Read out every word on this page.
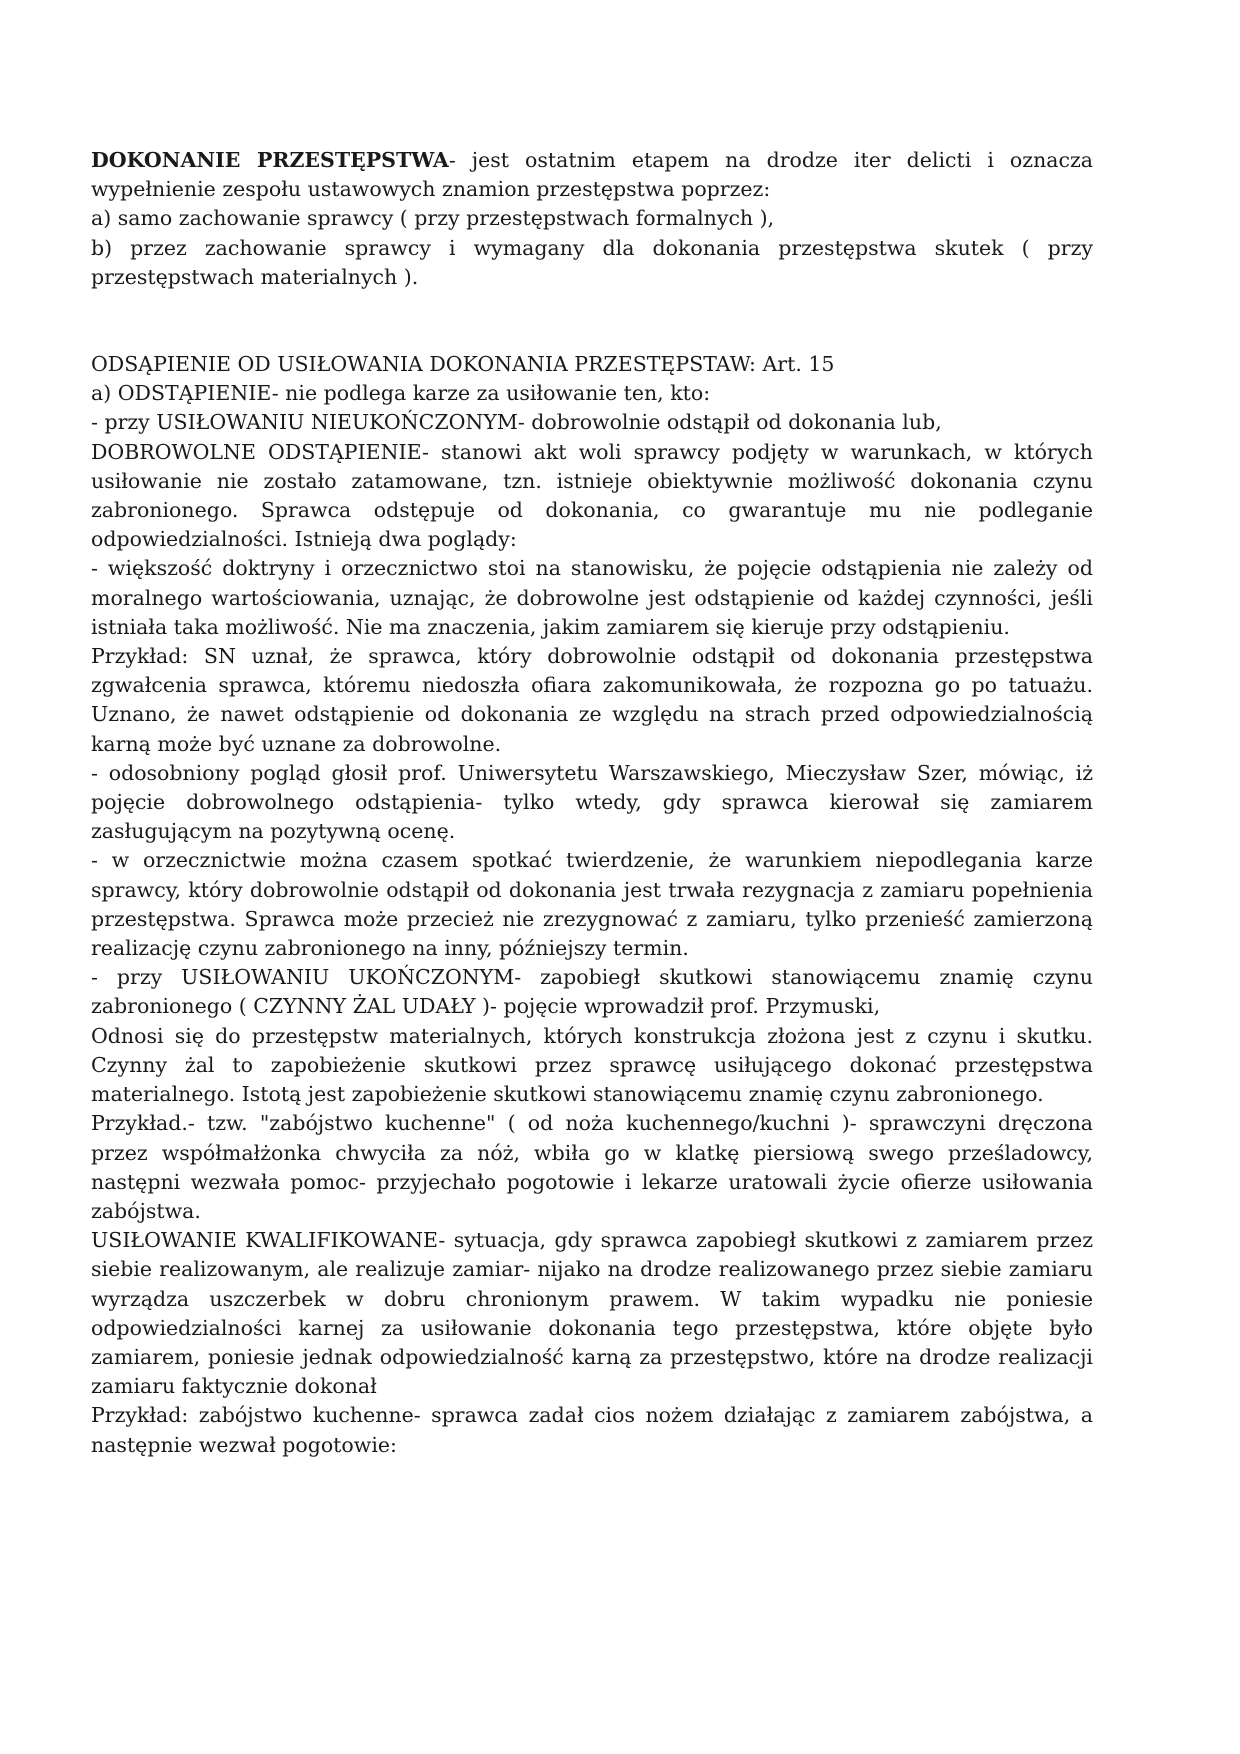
DOKONANIE PRZESTĘPSTWA- jest ostatnim etapem na drodze iter delicti i oznacza wypełnienie zespołu ustawowych znamion przestępstwa poprzez:

a) samo zachowanie sprawcy ( przy przestępstwach formalnych ),

b) przez zachowanie sprawcy i wymagany dla dokonania przestępstwa skutek ( przy przestępstwach materialnych ).

ODSĄPIENIE OD USIŁOWANIA DOKONANIA PRZESTĘPSTAW: Art. 15

a) ODSTĄPIENIE- nie podlega karze za usiłowanie ten, kto:

- przy USIŁOWANIU NIEUKOŃCZONYM- dobrowolnie odstąpił od dokonania lub,

DOBROWOLNE ODSTĄPIENIE- stanowi akt woli sprawcy podjęty w warunkach, w których usiłowanie nie zostało zatamowane, tzn. istnieje obiektywnie możliwość dokonania czynu zabronionego. Sprawca odstępuje od dokonania, co gwarantuje mu nie podleganie odpowiedzialności. Istnieją dwa poglądy:

- większość doktryny i orzecznictwo stoi na stanowisku, że pojęcie odstąpienia nie zależy od moralnego wartościowania, uznając, że dobrowolne jest odstąpienie od każdej czynności, jeśli istniała taka możliwość. Nie ma znaczenia, jakim zamiarem się kieruje przy odstąpieniu.

Przykład: SN uznał, że sprawca, który dobrowolnie odstąpił od dokonania przestępstwa zgwałcenia sprawca, któremu niedoszła ofiara zakomunikowała, że rozpozna go po tatuażu. Uznano, że nawet odstąpienie od dokonania ze względu na strach przed odpowiedzialnością karną może być uznane za dobrowolne.

- odosobniony pogląd głosił prof. Uniwersytetu Warszawskiego, Mieczysław Szer, mówiąc, iż pojęcie dobrowolnego odstąpienia- tylko wtedy, gdy sprawca kierował się zamiarem zasługującym na pozytywną ocenę.

- w orzecznictwie można czasem spotkać twierdzenie, że warunkiem niepodlegania karze sprawcy, który dobrowolnie odstąpił od dokonania jest trwała rezygnacja z zamiaru popełnienia przestępstwa. Sprawca może przecież nie zrezygnować z zamiaru, tylko przenieść zamierzoną realizację czynu zabronionego na inny, późniejszy termin.

- przy USIŁOWANIU UKOŃCZONYM- zapobiegł skutkowi stanowiącemu znamię czynu zabronionego ( CZYNNY ŻAL UDAŁY )- pojęcie wprowadził prof. Przymuski,

Odnosi się do przestępstw materialnych, których konstrukcja złożona jest z czynu i skutku. Czynny żal to zapobieżenie skutkowi przez sprawcę usiłującego dokonać przestępstwa materialnego. Istotą jest zapobieżenie skutkowi stanowiącemu znamię czynu zabronionego.

Przykład.- tzw. "zabójstwo kuchenne" ( od noża kuchennego/kuchni )- sprawczyni dręczona przez współmałżonka chwyciła za nóż, wbiła go w klatkę piersiową swego prześladowcy, następni wezwała pomoc- przyjechało pogotowie i lekarze uratowali życie ofierze usiłowania zabójstwa.

USIŁOWANIE KWALIFIKOWANE- sytuacja, gdy sprawca zapobiegł skutkowi z zamiarem przez siebie realizowanym, ale realizuje zamiar- nijako na drodze realizowanego przez siebie zamiaru wyrządza uszczerbek w dobru chronionym prawem. W takim wypadku nie poniesie odpowiedzialności karnej za usiłowanie dokonania tego przestępstwa, które objęte było zamiarem, poniesie jednak odpowiedzialność karną za przestępstwo, które na drodze realizacji zamiaru faktycznie dokonał

Przykład: zabójstwo kuchenne- sprawca zadał cios nożem działając z zamiarem zabójstwa, a następnie wezwał pogotowie:
